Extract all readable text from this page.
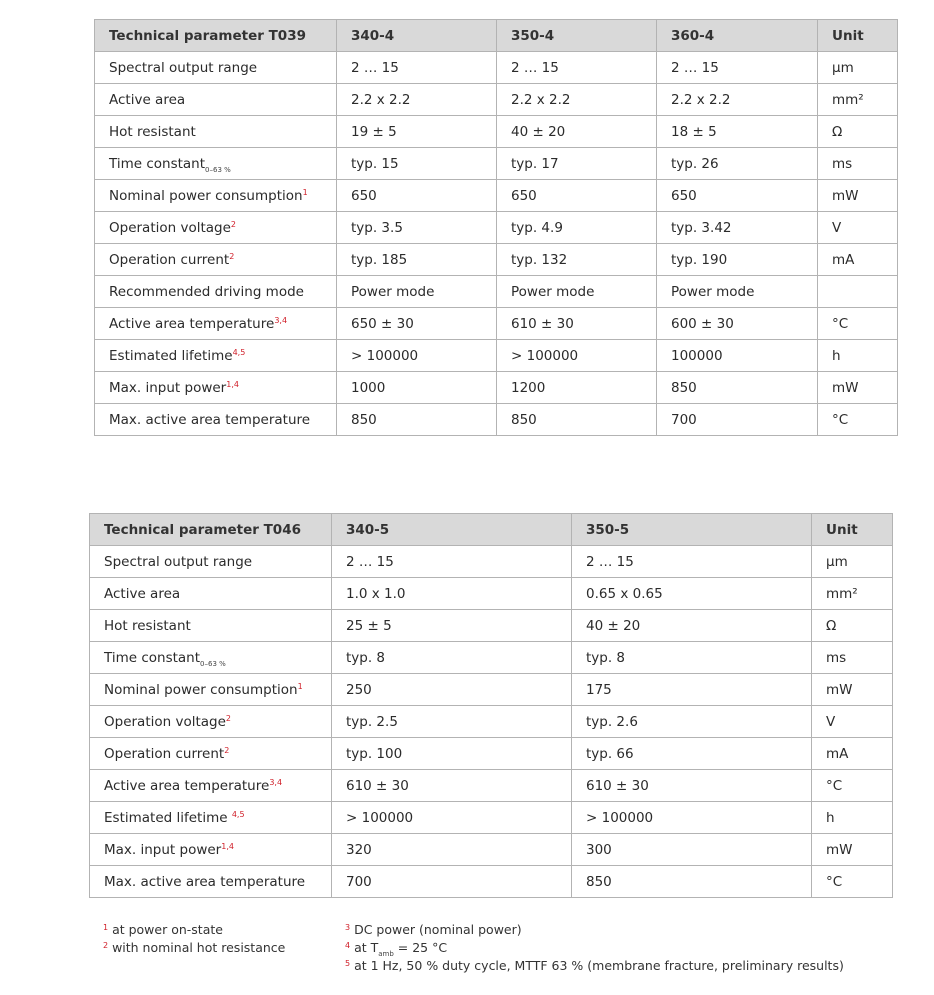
Technical parameter T039	340-4	350-4	360-4	Unit
Spectral output range	2 … 15	2 … 15	2 … 15	µm
Active area	2.2 x 2.2	2.2 x 2.2	2.2 x 2.2	mm²
Hot resistant	19 ± 5	40 ± 20	18 ± 5	Ω
Time constant$_{0-63 \%}$	typ. 15	typ. 17	typ. 26	ms
Nominal power consumption$^1$	650	650	650	mW
Operation voltage$^2$	typ. 3.5	typ. 4.9	typ. 3.42	V
Operation current$^2$	typ. 185	typ. 132	typ. 190	mA
Recommended driving mode	Power mode	Power mode	Power mode	
Active area temperature$^{3,4}$	650 ± 30	610 ± 30	600 ± 30	°C
Estimated lifetime$^{4,5}$	> 100000	> 100000	100000	h
Max. input power$^{1,4}$	1000	1200	850	mW
Max. active area temperature	850	850	700	°C
Technical parameter T046	340-5	350-5	Unit
Spectral output range	2 … 15	2 … 15	µm
Active area	1.0 x 1.0	0.65 x 0.65	mm²
Hot resistant	25 ± 5	40 ± 20	Ω
Time constant$_{0-63 \%}$	typ. 8	typ. 8	ms
Nominal power consumption$^1$	250	175	mW
Operation voltage$^2$	typ. 2.5	typ. 2.6	V
Operation current$^2$	typ. 100	typ. 66	mA
Active area temperature$^{3,4}$	610 ± 30	610 ± 30	°C
Estimated lifetime $^{4,5}$	> 100000	> 100000	h
Max. input power$^{1,4}$	320	300	mW
Max. active area temperature	700	850	°C
$^1$ at power on-state
$^2$ with nominal hot resistance
$^3$ DC power (nominal power)
$^4$ at $T_{amb} = 25$ °C
$^5$ at 1 Hz, 50 % duty cycle, MTTF 63 % (membrane fracture, preliminary results)
